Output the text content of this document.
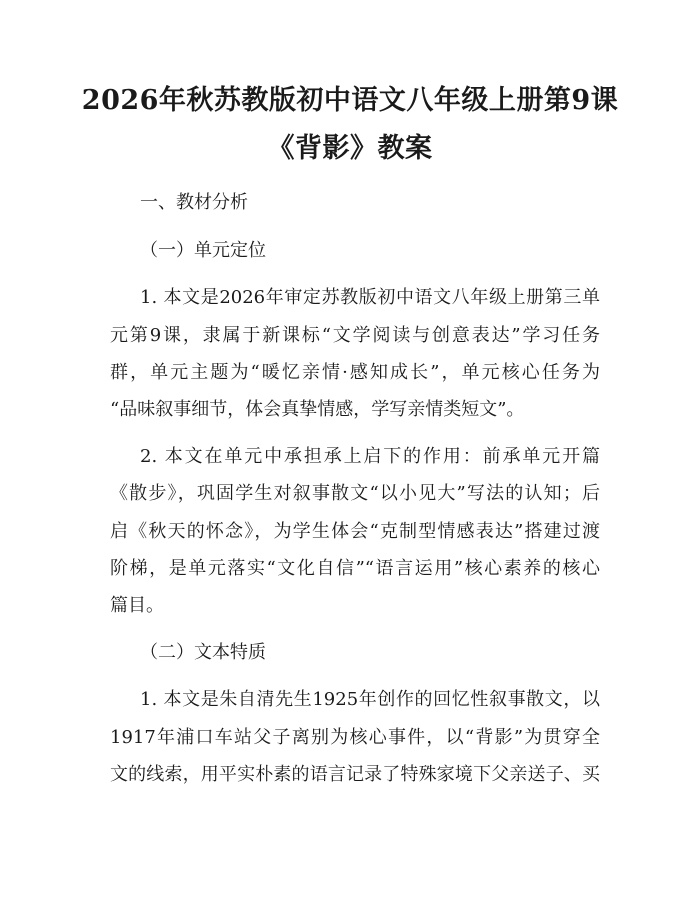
2026年秋苏教版初中语文八年级上册第9课
《背影》教案
一、教材分析
（一）单元定位
1. 本文是2026年审定苏教版初中语文八年级上册第三单
元第9课，隶属于新课标“文学阅读与创意表达”学习任务
群，单元主题为“暖忆亲情·感知成长”，单元核心任务为
“品味叙事细节，体会真挚情感，学写亲情类短文”。
2. 本文在单元中承担承上启下的作用：前承单元开篇
《散步》，巩固学生对叙事散文“以小见大”写法的认知；后
启《秋天的怀念》，为学生体会“克制型情感表达”搭建过渡
阶梯，是单元落实“文化自信”“语言运用”核心素养的核心
篇目。
（二）文本特质
1. 本文是朱自清先生1925年创作的回忆性叙事散文，以
1917年浦口车站父子离别为核心事件，以“背影”为贯穿全
文的线索，用平实朴素的语言记录了特殊家境下父亲送子、买
